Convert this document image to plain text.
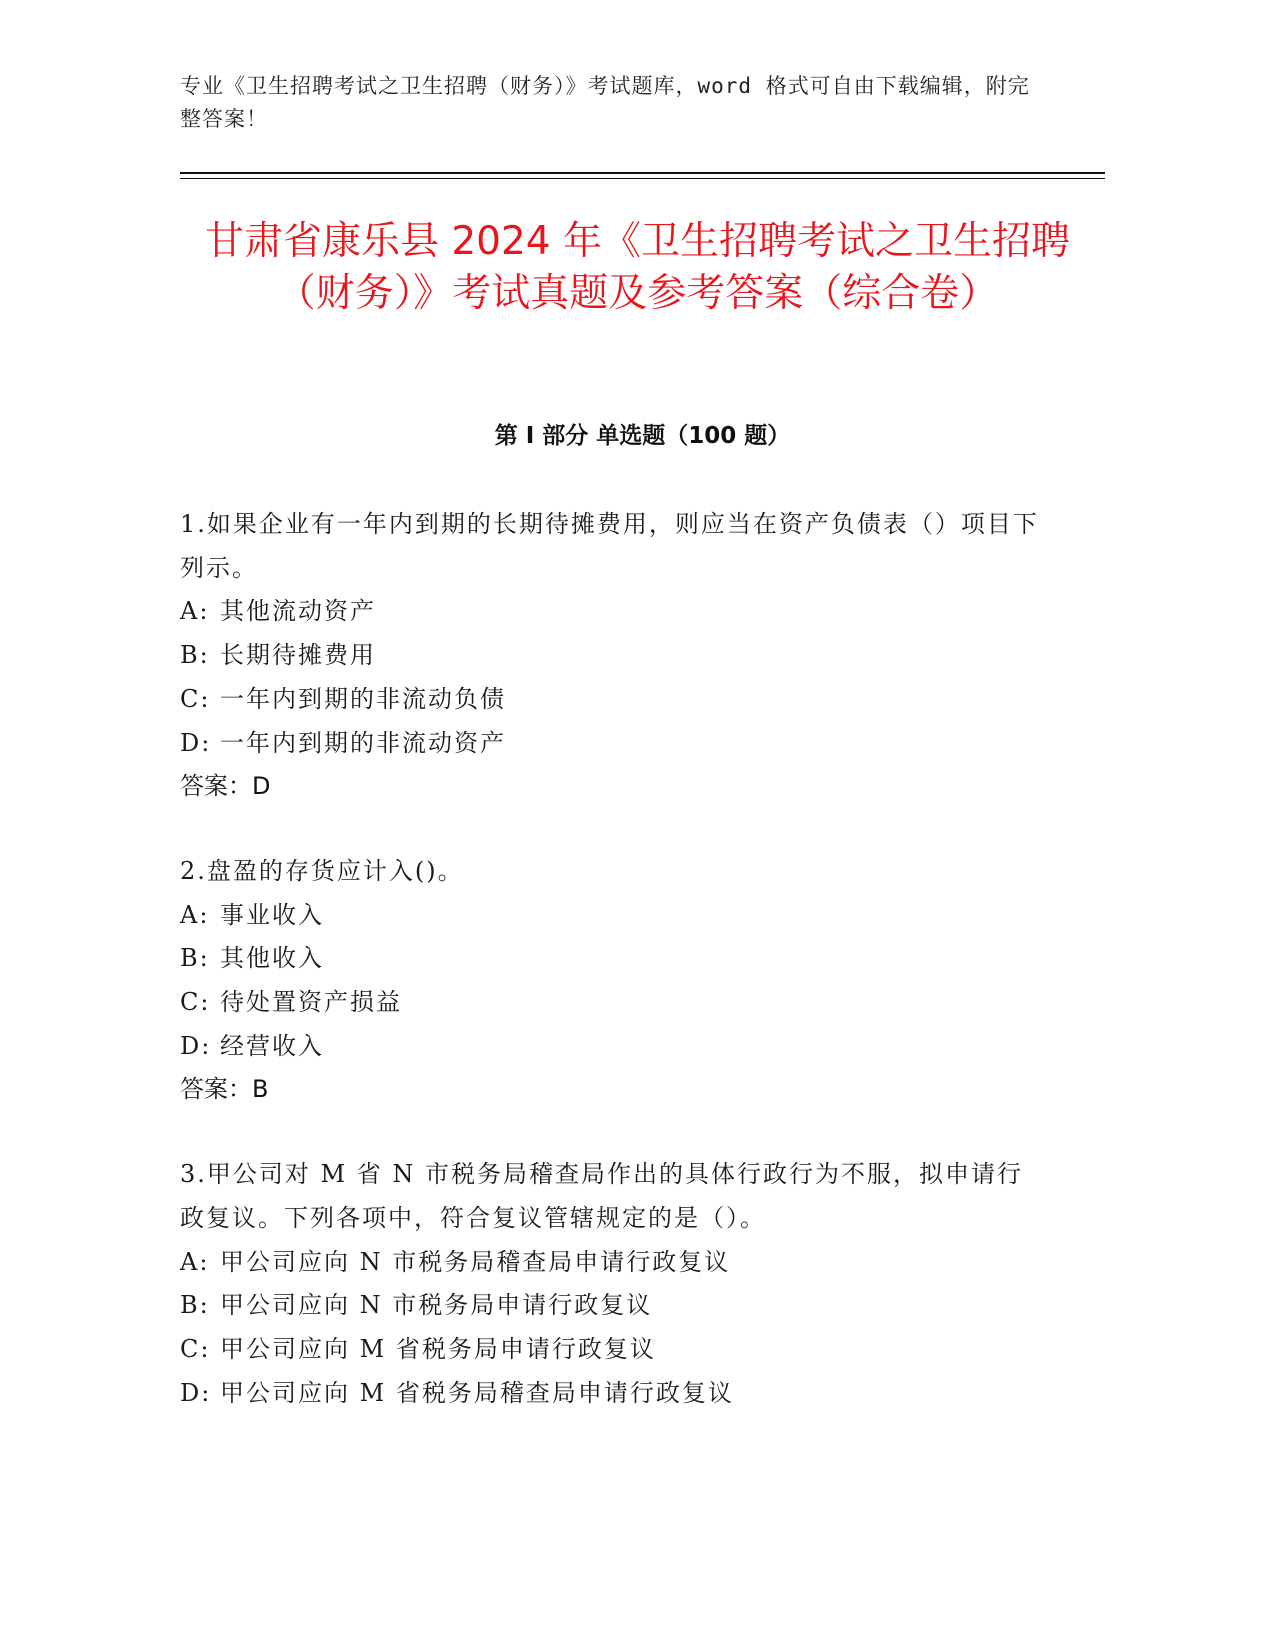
专业《卫生招聘考试之卫生招聘（财务）》考试题库，word 格式可自由下载编辑，附完整答案！

甘肃省康乐县 2024 年《卫生招聘考试之卫生招聘（财务）》考试真题及参考答案（综合卷）
第 I 部分 单选题（100 题）

1.如果企业有一年内到期的长期待摊费用，则应当在资产负债表（）项目下列示。

A: 其他流动资产

B: 长期待摊费用

C: 一年内到期的非流动负债

D: 一年内到期的非流动资产

答案：D

2.盘盈的存货应计入()。

A: 事业收入

B: 其他收入

C: 待处置资产损益

D: 经营收入

答案：B

3.甲公司对 M 省 N 市税务局稽查局作出的具体行政行为不服，拟申请行政复议。下列各项中，符合复议管辖规定的是（）。

A: 甲公司应向 N 市税务局稽查局申请行政复议

B: 甲公司应向 N 市税务局申请行政复议

C: 甲公司应向 M 省税务局申请行政复议

D: 甲公司应向 M 省税务局稽查局申请行政复议
